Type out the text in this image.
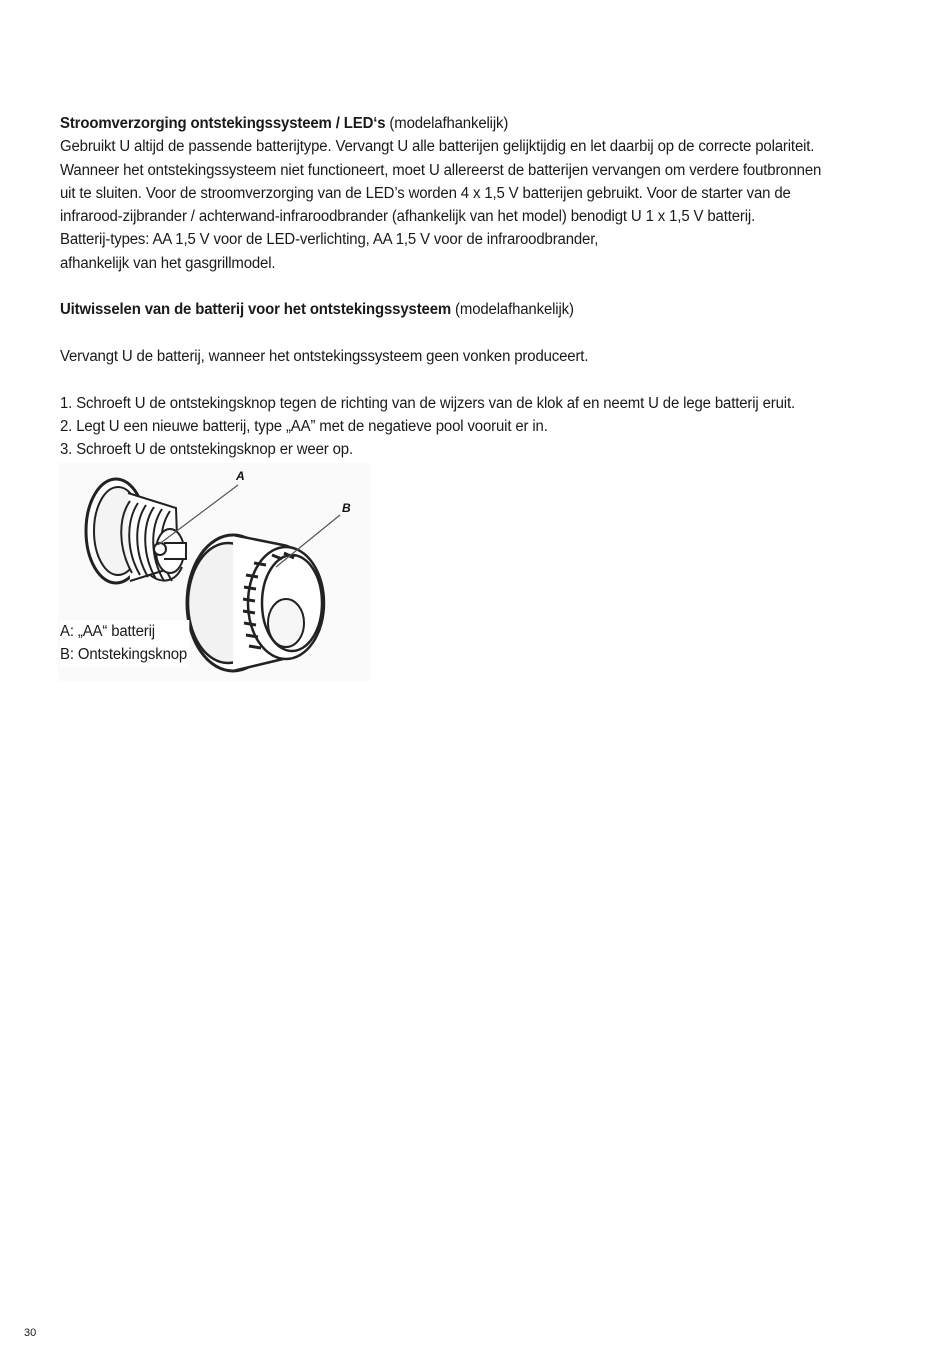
Stroomverzorging ontstekingssysteem / LED‘s (modelafhankelijk)

Gebruikt U altijd de passende batterijtype. Vervangt U alle batterijen gelijktijdig en let daarbij op de correcte polariteit.

Wanneer het ontstekingssysteem niet functioneert, moet U allereerst de batterijen vervangen om verdere foutbronnen

uit te sluiten. Voor de stroomverzorging van de LED’s worden 4 x 1,5 V batterijen gebruikt. Voor de starter van de

infrarood-zijbrander / achterwand-infraroodbrander (afhankelijk van het model) benodigt U 1 x 1,5 V batterij.

Batterij-types: AA 1,5 V voor de LED-verlichting, AA 1,5 V voor de infraroodbrander,

afhankelijk van het gasgrillmodel.

Uitwisselen van de batterij voor het ontstekingssysteem (modelafhankelijk)

Vervangt U de batterij, wanneer het ontstekingssysteem geen vonken produceert.

1. Schroeft U de ontstekingsknop tegen de richting van de wijzers van de klok af en neemt U de lege batterij eruit.

2. Legt U een nieuwe batterij, type „AA” met de negatieve pool vooruit er in.

3. Schroeft U de ontstekingsknop er weer op.

A
B

A: „AA“ batterij

B: Ontstekingsknop

30
